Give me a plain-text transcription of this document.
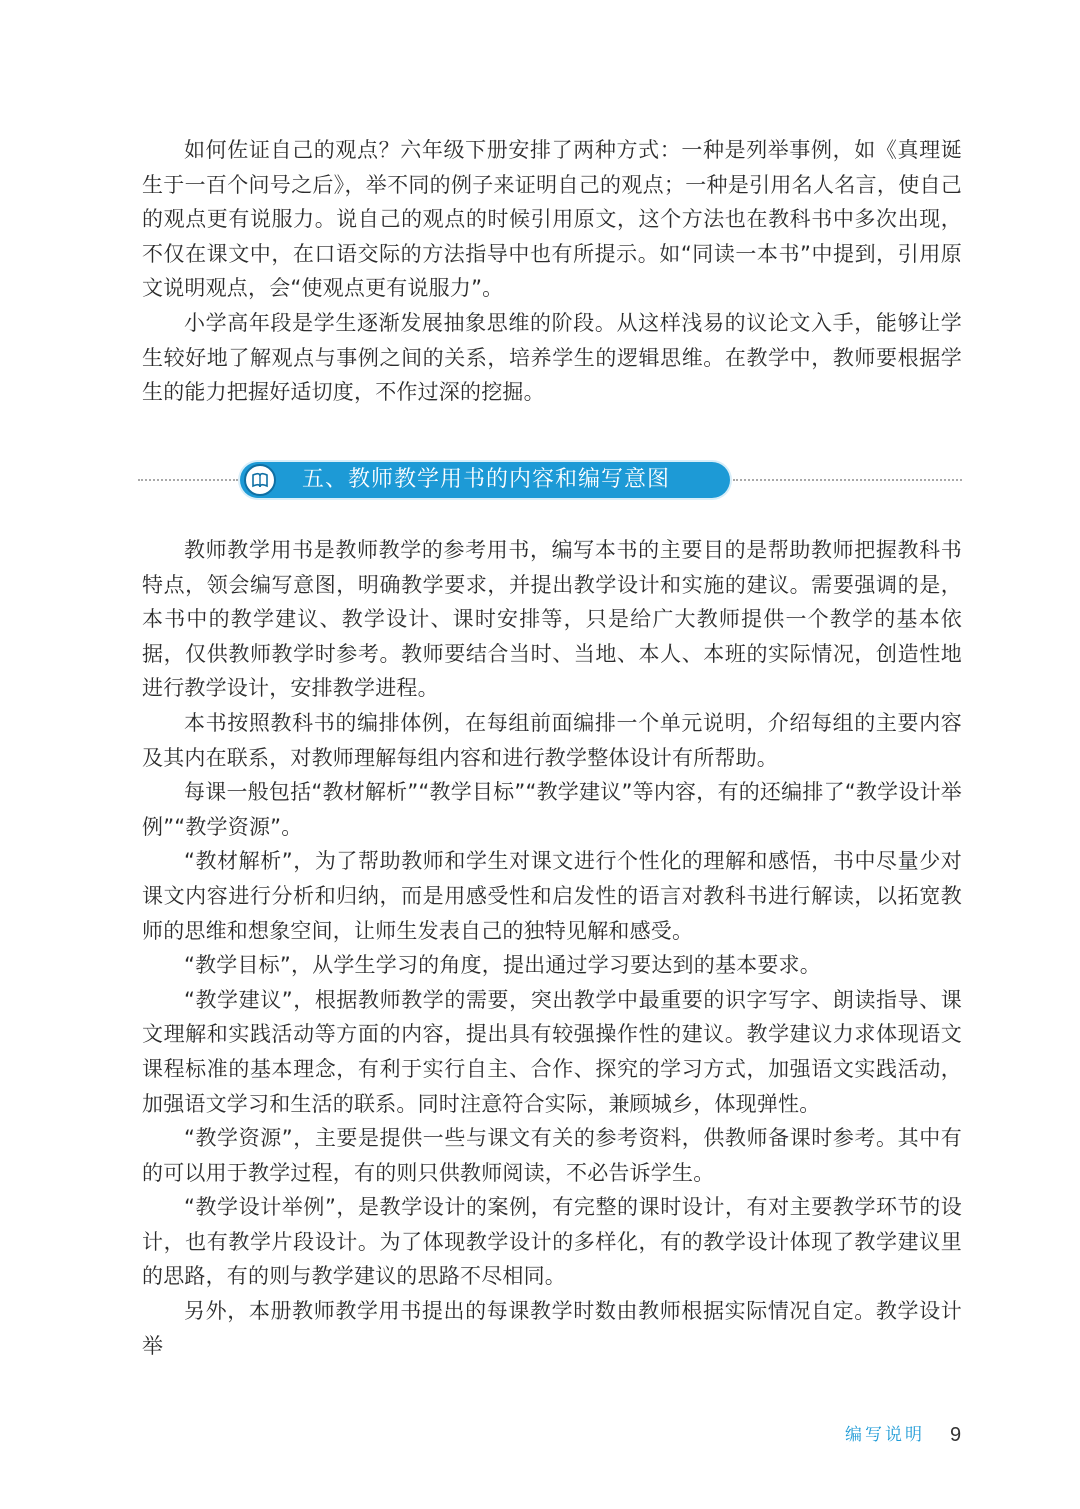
如何佐证自己的观点？六年级下册安排了两种方式：一种是列举事例，如《真理诞生于一百个问号之后》，举不同的例子来证明自己的观点；一种是引用名人名言，使自己的观点更有说服力。说自己的观点的时候引用原文，这个方法也在教科书中多次出现，不仅在课文中，在口语交际的方法指导中也有所提示。如“同读一本书”中提到，引用原文说明观点，会“使观点更有说服力”。

小学高年段是学生逐渐发展抽象思维的阶段。从这样浅易的议论文入手，能够让学生较好地了解观点与事例之间的关系，培养学生的逻辑思维。在教学中，教师要根据学生的能力把握好适切度，不作过深的挖掘。

五、教师教学用书的内容和编写意图

教师教学用书是教师教学的参考用书，编写本书的主要目的是帮助教师把握教科书特点，领会编写意图，明确教学要求，并提出教学设计和实施的建议。需要强调的是，本书中的教学建议、教学设计、课时安排等，只是给广大教师提供一个教学的基本依据，仅供教师教学时参考。教师要结合当时、当地、本人、本班的实际情况，创造性地进行教学设计，安排教学进程。

本书按照教科书的编排体例，在每组前面编排一个单元说明，介绍每组的主要内容及其内在联系，对教师理解每组内容和进行教学整体设计有所帮助。

每课一般包括“教材解析”“教学目标”“教学建议”等内容，有的还编排了“教学设计举例”“教学资源”。

“教材解析”，为了帮助教师和学生对课文进行个性化的理解和感悟，书中尽量少对课文内容进行分析和归纳，而是用感受性和启发性的语言对教科书进行解读，以拓宽教师的思维和想象空间，让师生发表自己的独特见解和感受。

“教学目标”，从学生学习的角度，提出通过学习要达到的基本要求。

“教学建议”，根据教师教学的需要，突出教学中最重要的识字写字、朗读指导、课文理解和实践活动等方面的内容，提出具有较强操作性的建议。教学建议力求体现语文课程标准的基本理念，有利于实行自主、合作、探究的学习方式，加强语文实践活动，加强语文学习和生活的联系。同时注意符合实际，兼顾城乡，体现弹性。

“教学资源”，主要是提供一些与课文有关的参考资料，供教师备课时参考。其中有的可以用于教学过程，有的则只供教师阅读，不必告诉学生。

“教学设计举例”，是教学设计的案例，有完整的课时设计，有对主要教学环节的设计，也有教学片段设计。为了体现教学设计的多样化，有的教学设计体现了教学建议里的思路，有的则与教学建议的思路不尽相同。

另外，本册教师教学用书提出的每课教学时数由教师根据实际情况自定。教学设计举

编写说明 9
